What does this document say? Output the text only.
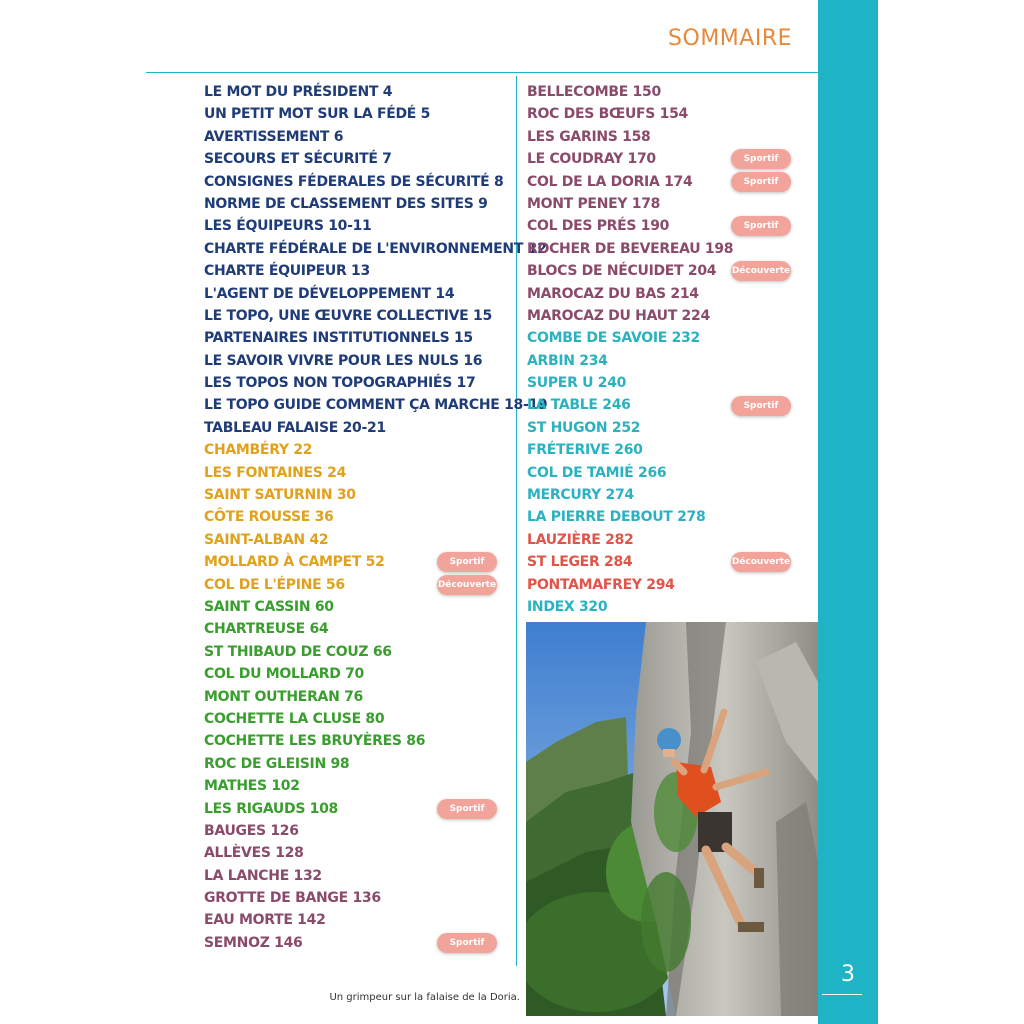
3
SOMMAIRE
LE MOT DU PRÉSIDENT 4
UN PETIT MOT SUR LA FÉDÉ 5
AVERTISSEMENT 6
SECOURS ET SÉCURITÉ 7
CONSIGNES FÉDERALES DE SÉCURITÉ 8
NORME DE CLASSEMENT DES SITES 9
LES ÉQUIPEURS 10-11
CHARTE FÉDÉRALE DE L'ENVIRONNEMENT 12
CHARTE ÉQUIPEUR 13
L'AGENT DE DÉVELOPPEMENT 14
LE TOPO, UNE ŒUVRE COLLECTIVE 15
PARTENAIRES INSTITUTIONNELS 15
LE SAVOIR VIVRE POUR LES NULS 16
LES TOPOS NON TOPOGRAPHIÉS 17
LE TOPO GUIDE COMMENT ÇA MARCHE 18-19
TABLEAU FALAISE 20-21
CHAMBÉRY 22
LES FONTAINES 24
SAINT SATURNIN 30
CÔTE ROUSSE 36
SAINT-ALBAN 42
MOLLARD À CAMPET 52
COL DE L'ÉPINE 56
SAINT CASSIN 60
CHARTREUSE 64
ST THIBAUD DE COUZ 66
COL DU MOLLARD 70
MONT OUTHERAN 76
COCHETTE LA CLUSE 80
COCHETTE LES BRUYÈRES 86
ROC DE GLEISIN 98
MATHES 102
LES RIGAUDS 108
BAUGES 126
ALLÈVES 128
LA LANCHE 132
GROTTE DE BANGE 136
EAU MORTE 142
SEMNOZ 146
BELLECOMBE 150
ROC DES BŒUFS 154
LES GARINS 158
LE COUDRAY 170
COL DE LA DORIA 174
MONT PENEY 178
COL DES PRÉS 190
ROCHER DE BEVEREAU 198
BLOCS DE NÉCUIDET 204
MAROCAZ DU BAS 214
MAROCAZ DU HAUT 224
COMBE DE SAVOIE 232
ARBIN 234
SUPER U 240
LA TABLE 246
ST HUGON 252
FRÉTERIVE 260
COL DE TAMIÉ 266
MERCURY 274
LA PIERRE DEBOUT 278
LAUZIÈRE 282
ST LEGER 284
PONTAMAFREY 294
INDEX 320
Sportif
Découverte
Sportif
Sportif
Sportif
Sportif
Sportif
Découverte
Sportif
Découverte
Un grimpeur sur la falaise de la Doria.
